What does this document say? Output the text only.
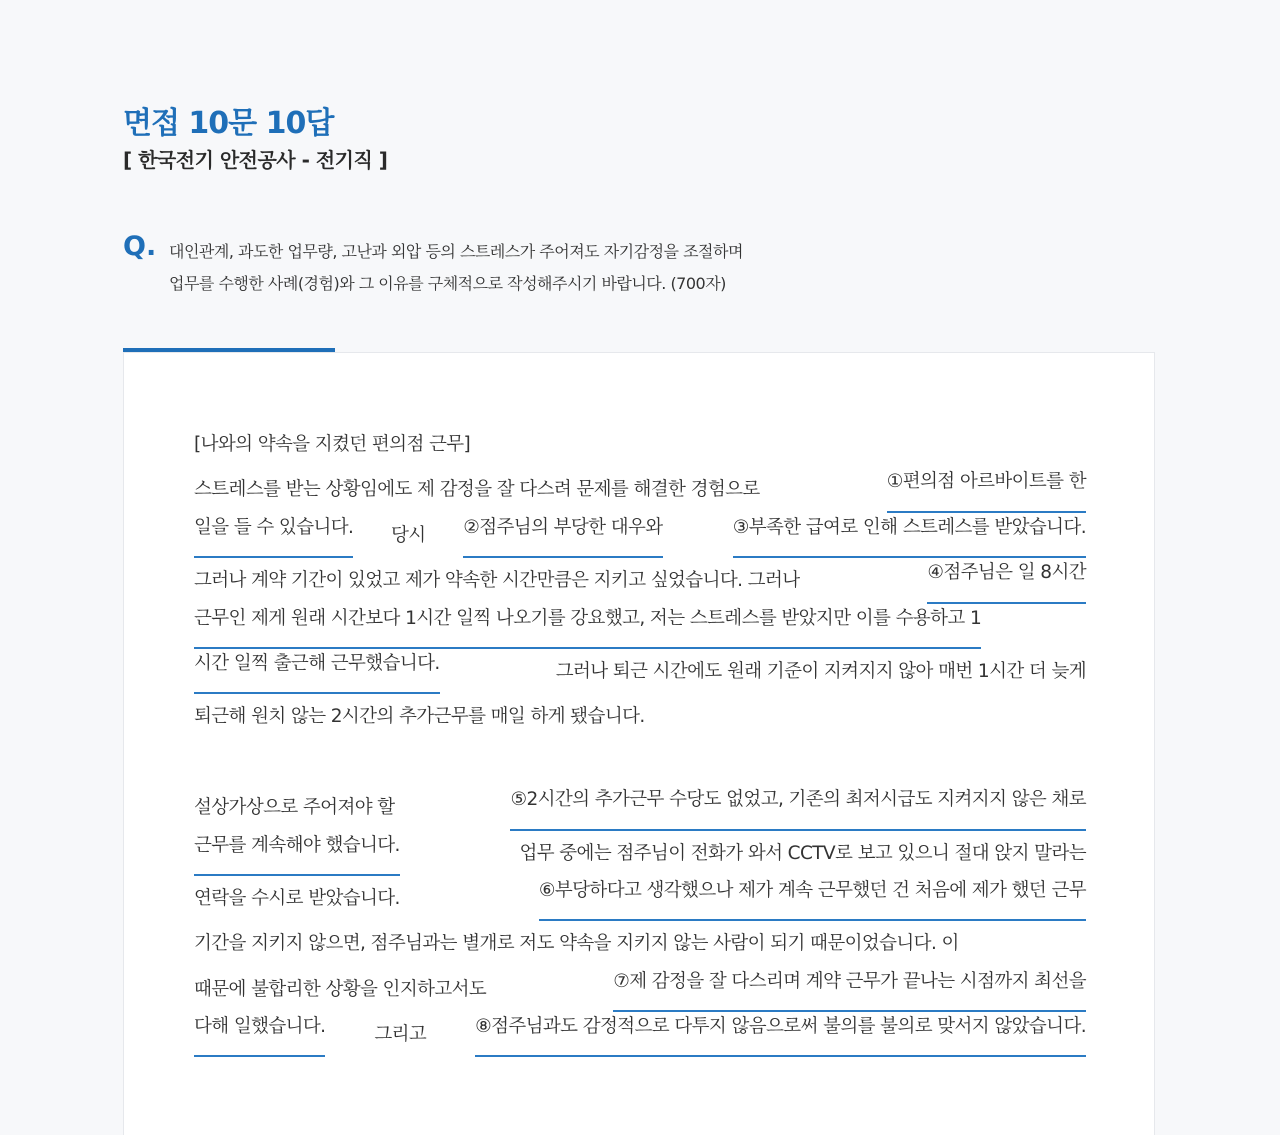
면접 10문 10답
[ 한국전기 안전공사 - 전기직 ]
Q. 대인관계, 과도한 업무량, 고난과 외압 등의 스트레스가 주어져도 자기감정을 조절하며
업무를 수행한 사례(경험)와 그 이유를 구체적으로 작성해주시기 바랍니다. (700자)

[나와의 약속을 지켰던 편의점 근무]
스트레스를 받는 상황임에도 제 감정을 잘 다스려 문제를 해결한 경험으로	①편의점 아르바이트를 한
일을 들 수 있습니다. 당시 ②점주님의 부당한 대우와
	③부족한 급여로 인해 스트레스를 받았습니다.
그러나 계약 기간이 있었고 제가 약속한 시간만큼은 지키고 싶었습니다. 그러나	④점주님은 일 8시간
근무인 제게 원래 시간보다 1시간 일찍 나오기를 강요했고, 저는 스트레스를 받았지만 이를 수용하고 1
시간 일찍 출근해 근무했습니다.	그러나 퇴근 시간에도 원래 기준이 지켜지지 않아 매번 1시간 더 늦게
퇴근해 원치 않는 2시간의 추가근무를 매일 하게 됐습니다.
설상가상으로 주어져야 할	⑤2시간의 추가근무 수당도 없었고, 기존의 최저시급도 지켜지지 않은 채로
근무를 계속해야 했습니다.	업무 중에는 점주님이 전화가 와서 CCTV로 보고 있으니 절대 앉지 말라는
연락을 수시로 받았습니다.	⑥부당하다고 생각했으나 제가 계속 근무했던 건 처음에 제가 했던 근무
기간을 지키지 않으면, 점주님과는 별개로 저도 약속을 지키지 않는 사람이 되기 때문이었습니다. 이
때문에 불합리한 상황을 인지하고서도	⑦제 감정을 잘 다스리며 계약 근무가 끝나는 시점까지 최선을
다해 일했습니다. 그리고 ⑧점주님과도 감정적으로 다투지 않음으로써 불의를 불의로 맞서지 않았습니다.
